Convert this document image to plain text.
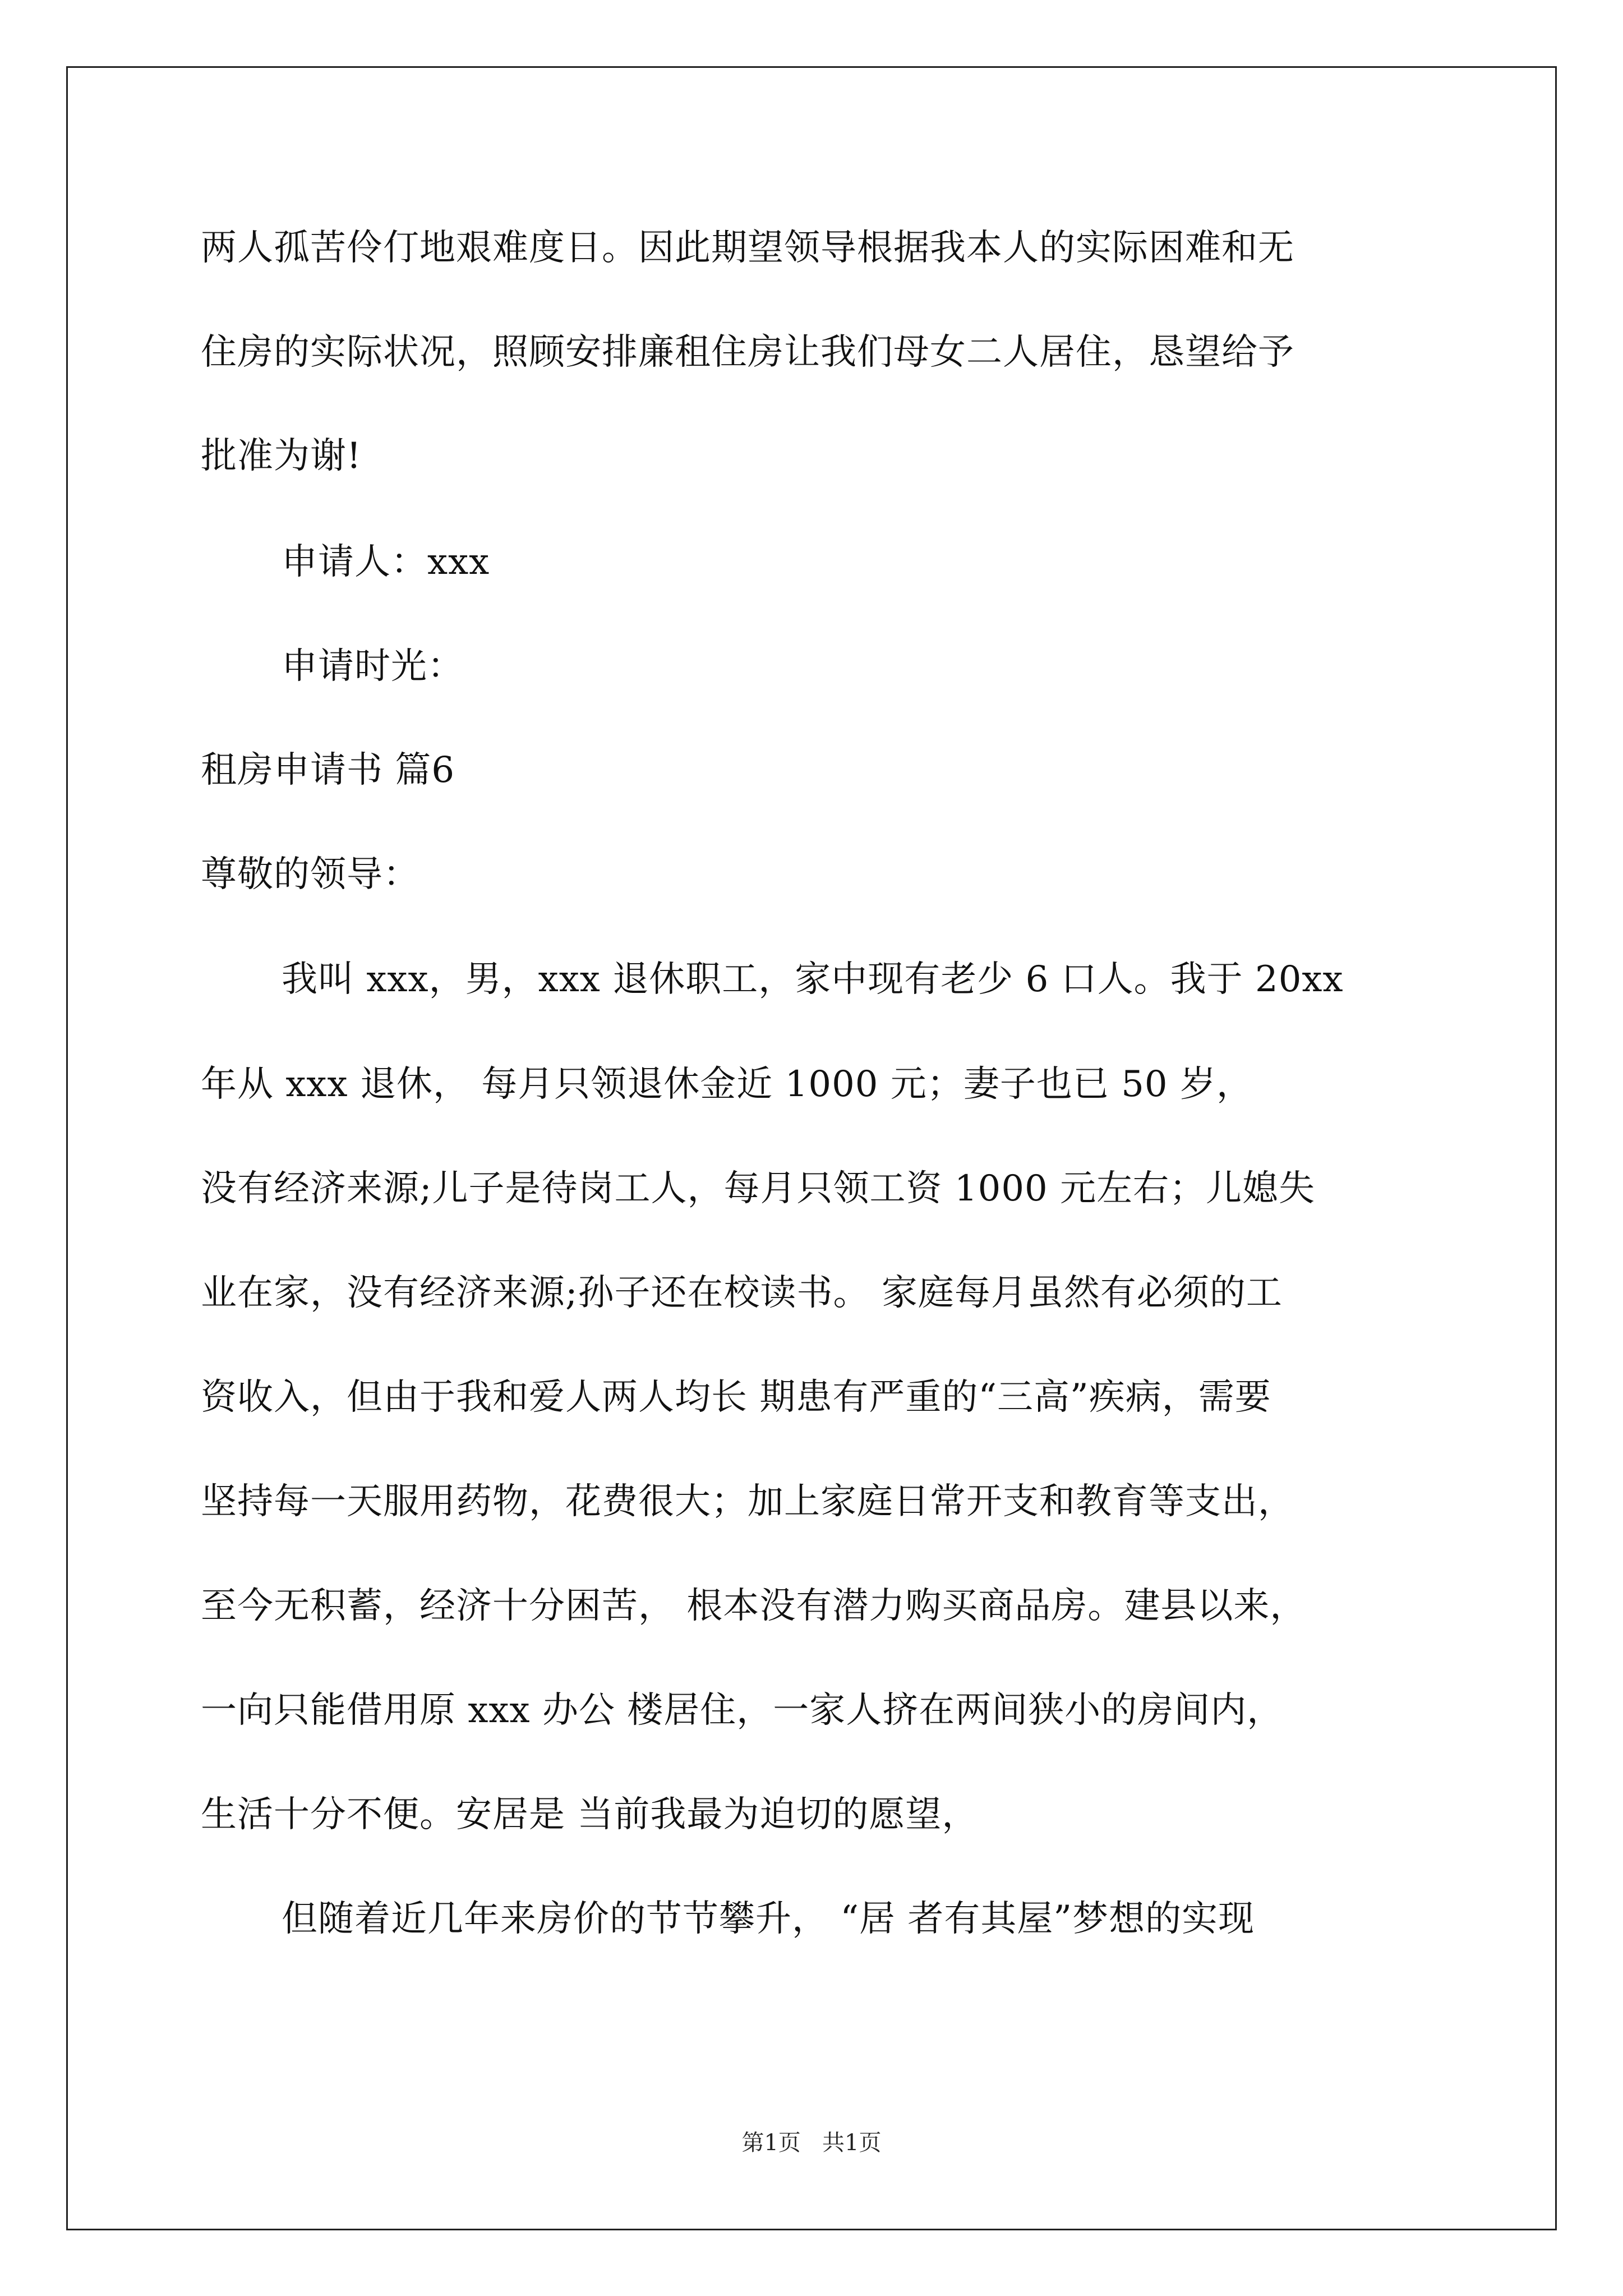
两人孤苦伶仃地艰难度日。因此期望领导根据我本人的实际困难和无
住房的实际状况，照顾安排廉租住房让我们母女二人居住，恳望给予
批准为谢!
申请人：xxx
申请时光：
租房申请书 篇6
尊敬的领导：
我叫 xxx，男，xxx 退休职工，家中现有老少 6 口人。我于 20xx
年从 xxx 退休， 每月只领退休金近 1000 元；妻子也已 50 岁，
没有经济来源;儿子是待岗工人，每月只领工资 1000 元左右；儿媳失
业在家，没有经济来源;孙子还在校读书。 家庭每月虽然有必须的工
资收入，但由于我和爱人两人均长 期患有严重的“三高”疾病，需要
坚持每一天服用药物，花费很大；加上家庭日常开支和教育等支出，
至今无积蓄，经济十分困苦， 根本没有潜力购买商品房。建县以来，
一向只能借用原 xxx 办公 楼居住，一家人挤在两间狭小的房间内，
生活十分不便。安居是 当前我最为迫切的愿望，
但随着近几年来房价的节节攀升， “居 者有其屋”梦想的实现
第1页   共1页
